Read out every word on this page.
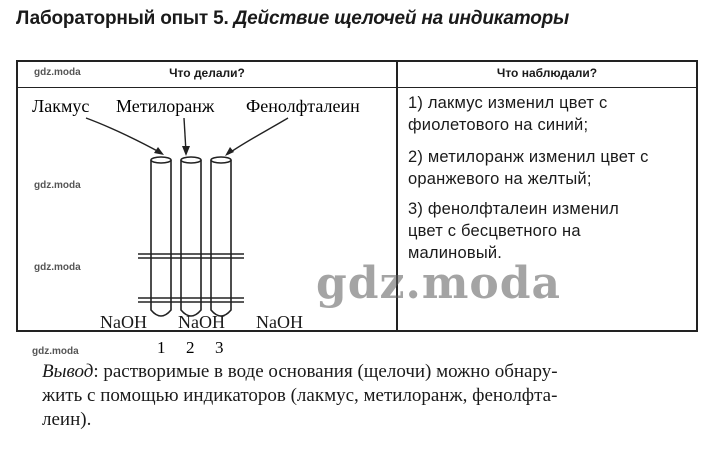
Лабораторный опыт 5. Действие щелочей на индикаторы
Что делали?	Что наблюдали?
gdz.moda
Лакмус Метилоранж Фенолфталеин
1 2 3
NaOH NaOH NaOH
gdz.moda
gdz.moda
1) лакмус изменил цвет с
фиолетового на синий;
2) метилоранж изменил цвет с
оранжевого на желтый;
3) фенолфталеин изменил
цвет с бесцветного на
малиновый.
gdz.moda
gdz.moda
Вывод: растворимые в воде основания (щелочи) можно обнару-
жить с помощью индикаторов (лакмус, метилоранж, фенолфта-
леин).
